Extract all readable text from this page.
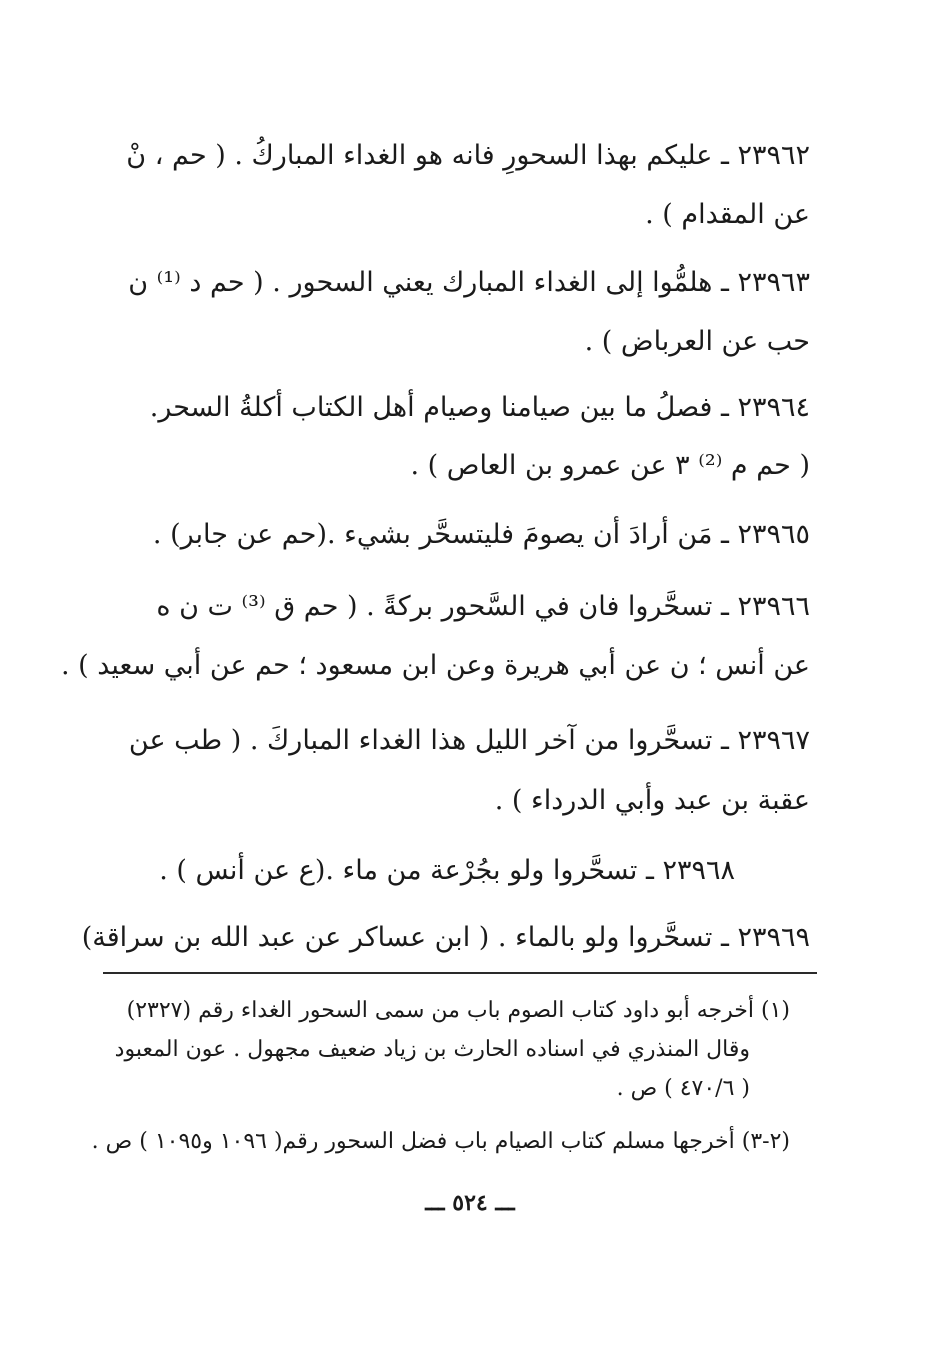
٢٣٩٦٢ ـ عليكم بهذا السحورِ فانه هو الغداء المباركُ . ( حم ، نْ
عن المقدام ) .
٢٣٩٦٣ ـ هلمُّوا إلى الغداء المبارك يعني السحور . ( حم د ⁽¹⁾ ن
حب عن العرباض ) .
٢٣٩٦٤ ـ فصلُ ما بين صيامنا وصيام أهل الكتاب أكلةُ السحر.
( حم م ⁽²⁾ ٣ عن عمرو بن العاص ) .
٢٣٩٦٥ ـ مَن أرادَ أن يصومَ فليتسحَّر بشيء .(حم عن جابر) .
٢٣٩٦٦ ـ تسحَّروا فان في السَّحور بركةً . ( حم ق ⁽³⁾ ت ن ه
عن أنس ؛ ن عن أبي هريرة وعن ابن مسعود ؛ حم عن أبي سعيد ) .
٢٣٩٦٧ ـ تسحَّروا من آخر الليل هذا الغداء المباركَ . ( طب عن
عقبة بن عبد وأبي الدرداء ) .
٢٣٩٦٨ ـ تسحَّروا ولو بجُرْعة من ماء .(ع عن أنس ) .
٢٣٩٦٩ ـ تسحَّروا ولو بالماء . ( ابن عساكر عن عبد الله بن سراقة)
(١) أخرجه أبو داود كتاب الصوم باب من سمى السحور الغداء رقم (٢٣٢٧)
وقال المنذري في اسناده الحارث بن زياد ضعيف مجهول . عون المعبود
( ٤٧٠/٦ ) ص .
(٢-٣) أخرجها مسلم كتاب الصيام باب فضل السحور رقم( ١٠٩٦ و١٠٩٥ ) ص .
ـــ ٥٢٤ ـــ
